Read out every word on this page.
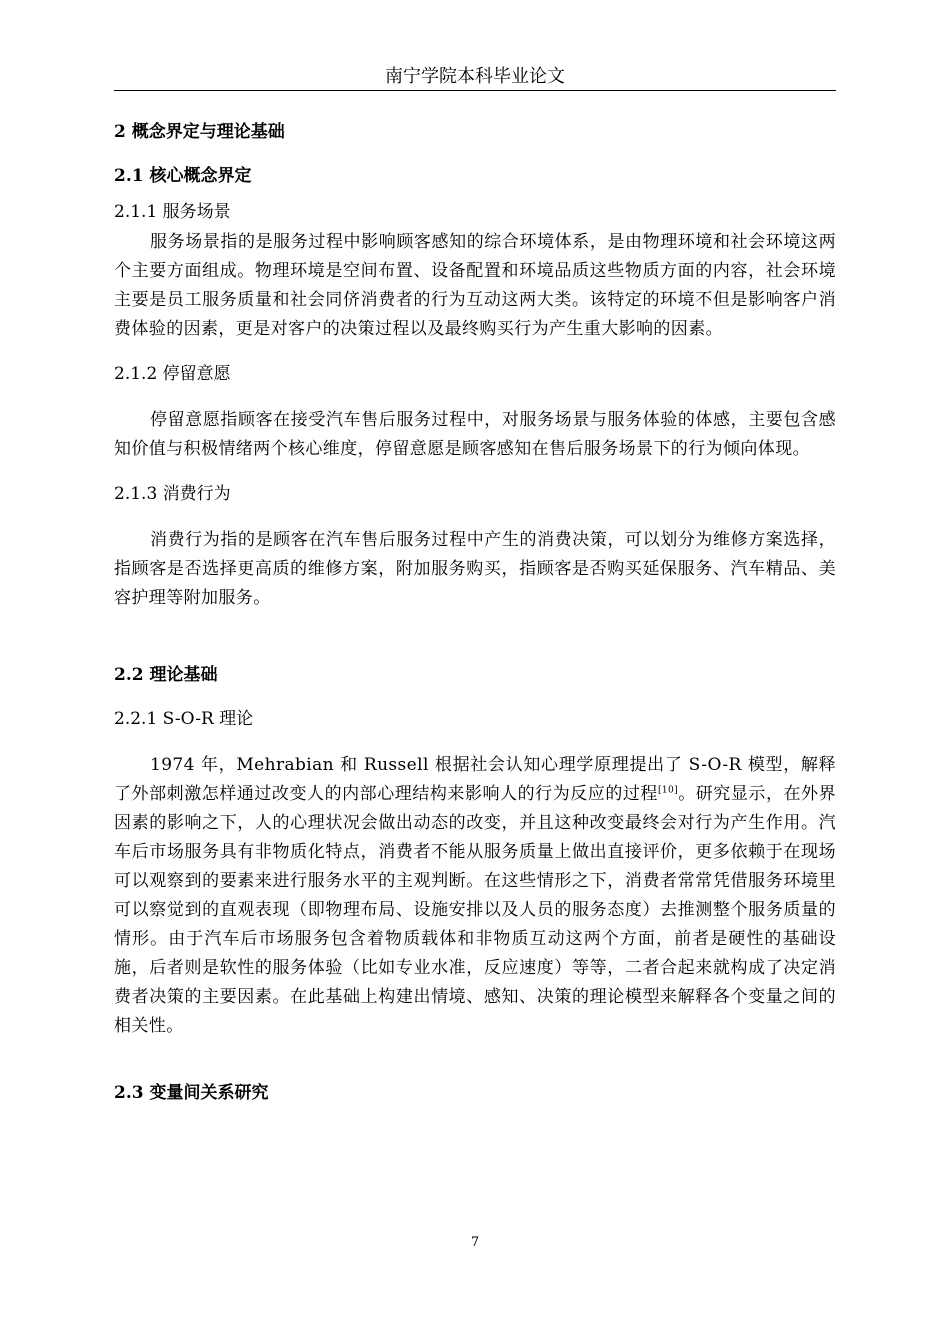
南宁学院本科毕业论文
2 概念界定与理论基础
2.1 核心概念界定
2.1.1 服务场景

服务场景指的是服务过程中影响顾客感知的综合环境体系，是由物理环境和社会环境这两个主要方面组成。物理环境是空间布置、设备配置和环境品质这些物质方面的内容，社会环境主要是员工服务质量和社会同侪消费者的行为互动这两大类。该特定的环境不但是影响客户消费体验的因素，更是对客户的决策过程以及最终购买行为产生重大影响的因素。

2.1.2 停留意愿

停留意愿指顾客在接受汽车售后服务过程中，对服务场景与服务体验的体感，主要包含感知价值与积极情绪两个核心维度，停留意愿是顾客感知在售后服务场景下的行为倾向体现。

2.1.3 消费行为

消费行为指的是顾客在汽车售后服务过程中产生的消费决策，可以划分为维修方案选择，指顾客是否选择更高质的维修方案，附加服务购买，指顾客是否购买延保服务、汽车精品、美容护理等附加服务。

2.2 理论基础
2.2.1 S-O-R 理论

1974 年，Mehrabian 和 Russell 根据社会认知心理学原理提出了 S-O-R 模型，解释了外部刺激怎样通过改变人的内部心理结构来影响人的行为反应的过程[10]。研究显示，在外界因素的影响之下，人的心理状况会做出动态的改变，并且这种改变最终会对行为产生作用。汽车后市场服务具有非物质化特点，消费者不能从服务质量上做出直接评价，更多依赖于在现场可以观察到的要素来进行服务水平的主观判断。在这些情形之下，消费者常常凭借服务环境里可以察觉到的直观表现（即物理布局、设施安排以及人员的服务态度）去推测整个服务质量的情形。由于汽车后市场服务包含着物质载体和非物质互动这两个方面，前者是硬性的基础设施，后者则是软性的服务体验（比如专业水准，反应速度）等等，二者合起来就构成了决定消费者决策的主要因素。在此基础上构建出情境、感知、决策的理论模型来解释各个变量之间的相关性。

2.3 变量间关系研究
7
